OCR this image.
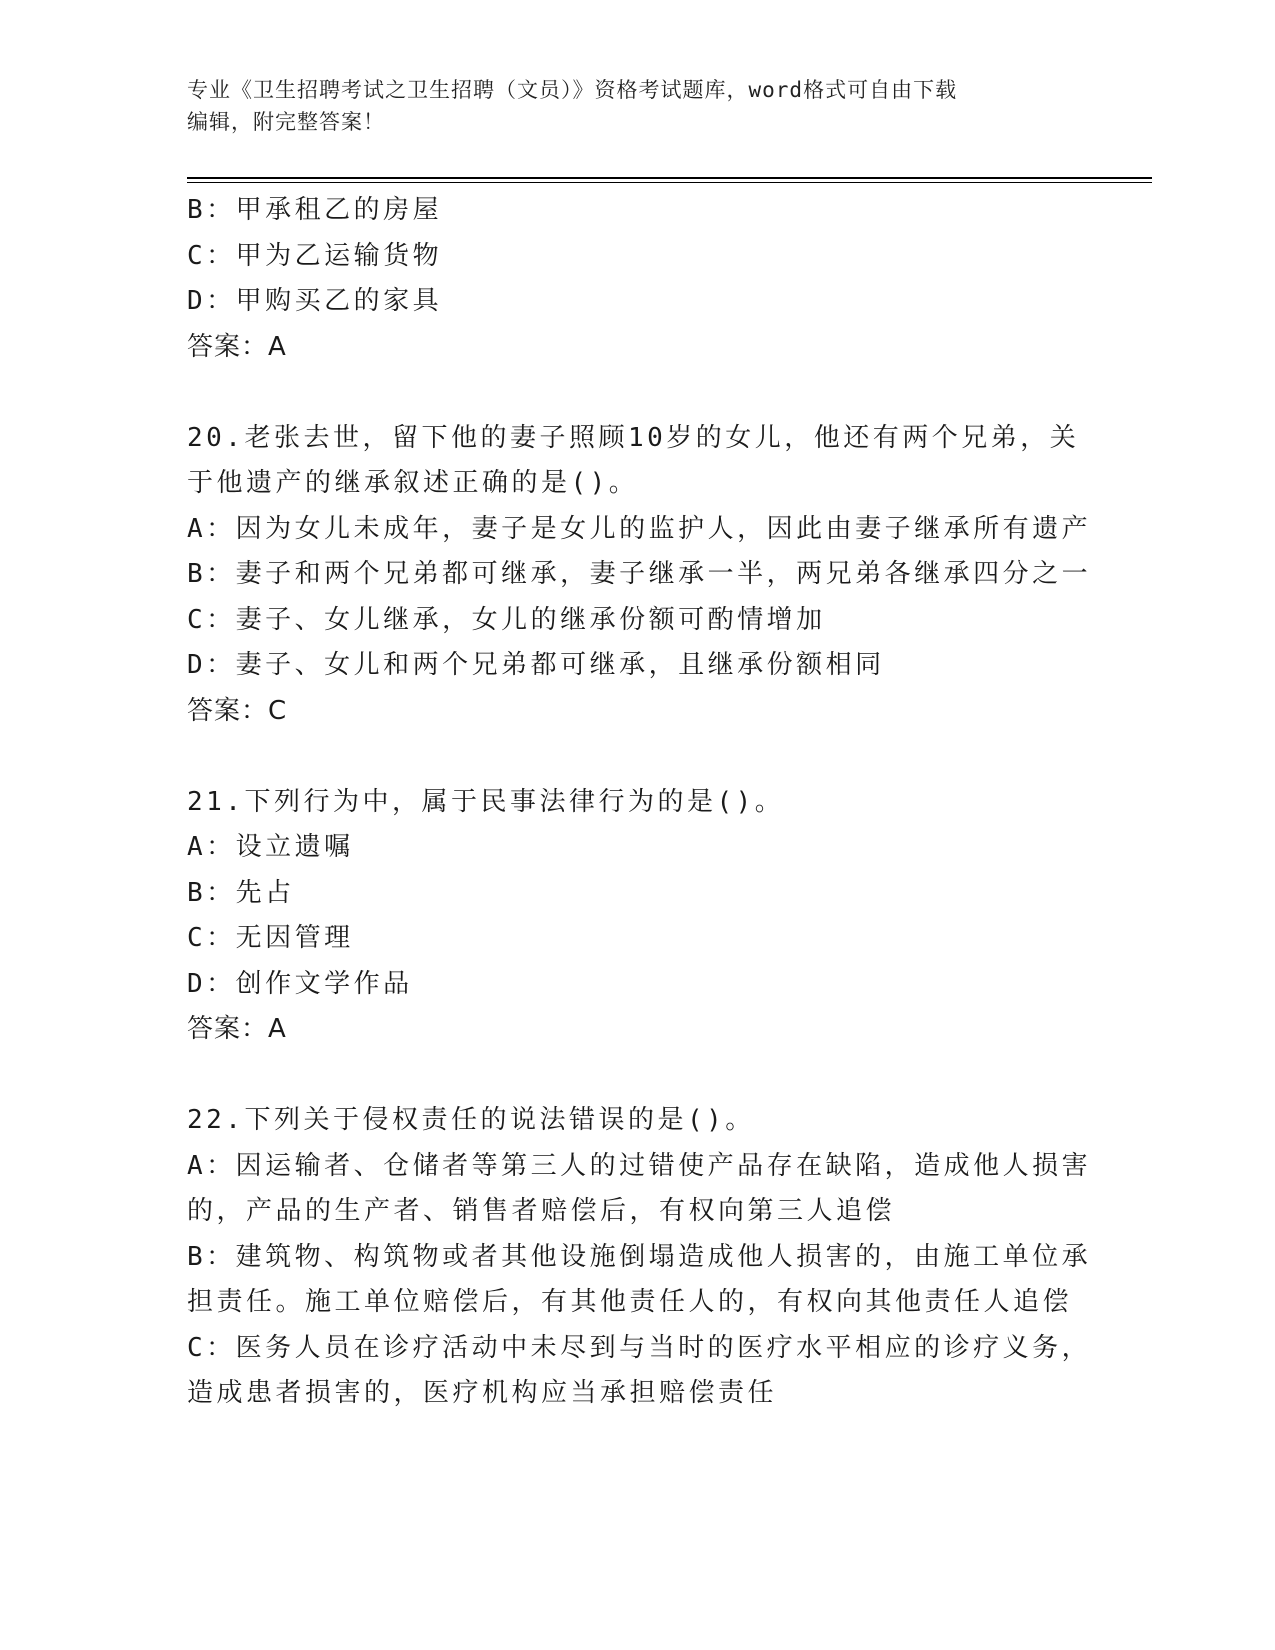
专业《卫生招聘考试之卫生招聘（文员）》资格考试题库，word格式可自由下载
编辑，附完整答案！
B：甲承租乙的房屋
C：甲为乙运输货物
D：甲购买乙的家具
答案：A
20.老张去世，留下他的妻子照顾10岁的女儿，他还有两个兄弟，关
于他遗产的继承叙述正确的是()。
A：因为女儿未成年，妻子是女儿的监护人，因此由妻子继承所有遗产
B：妻子和两个兄弟都可继承，妻子继承一半，两兄弟各继承四分之一
C：妻子、女儿继承，女儿的继承份额可酌情增加
D：妻子、女儿和两个兄弟都可继承，且继承份额相同
答案：C
21.下列行为中，属于民事法律行为的是()。
A：设立遗嘱
B：先占
C：无因管理
D：创作文学作品
答案：A
22.下列关于侵权责任的说法错误的是()。
A：因运输者、仓储者等第三人的过错使产品存在缺陷，造成他人损害
的，产品的生产者、销售者赔偿后，有权向第三人追偿
B：建筑物、构筑物或者其他设施倒塌造成他人损害的，由施工单位承
担责任。施工单位赔偿后，有其他责任人的，有权向其他责任人追偿
C：医务人员在诊疗活动中未尽到与当时的医疗水平相应的诊疗义务，
造成患者损害的，医疗机构应当承担赔偿责任
